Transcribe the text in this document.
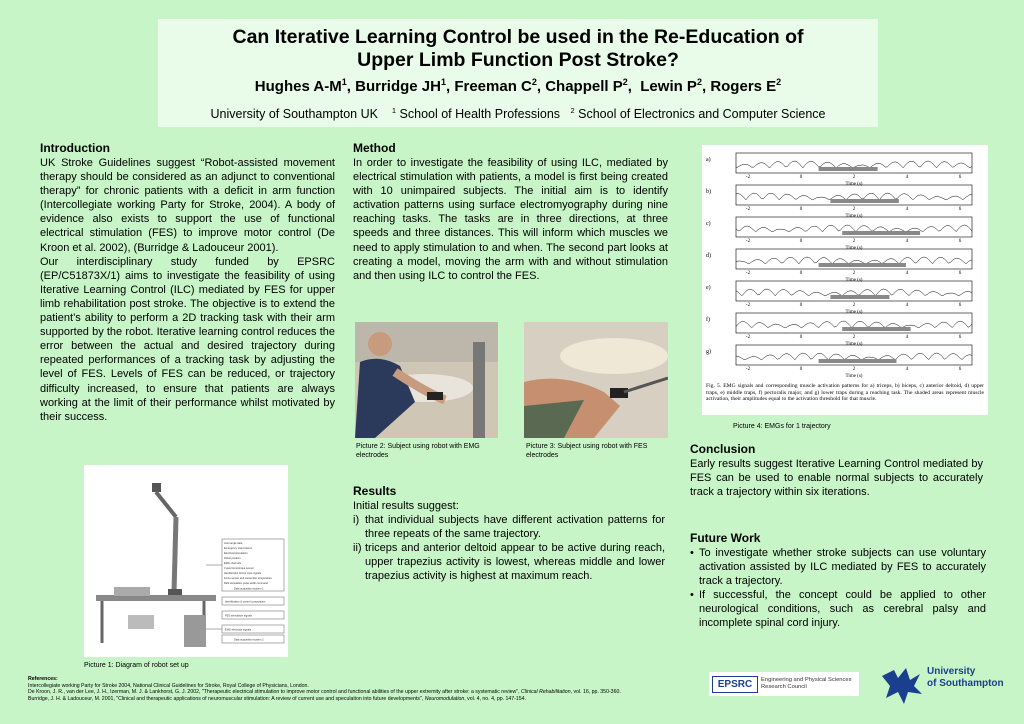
Can Iterative Learning Control be used in the Re-Education of
Upper Limb Function Post Stroke?
Hughes $A-M^1$, Burridge $JH^1$, Freeman $C^2$, Chappell $P^2$,  Lewin $P^2$, Rogers $E^2$
University of Southampton UK $^1$ School of Health Professions $^2$ School of Electronics and Computer Science
Introduction
UK Stroke Guidelines suggest “Robot-assisted movement therapy should be considered as an adjunct to conventional therapy” for chronic patients with a deficit in arm function (Intercollegiate working Party for Stroke, 2004). A body of evidence also exists to support the use of functional electrical stimulation (FES) to improve motor control (De Kroon et al. 2002), (Burridge & Ladouceur 2001).
Our interdisciplinary study funded by EPSRC (EP/C51873X/1) aims to investigate the feasibility of using Iterative Learning Control (ILC) mediated by FES for upper limb rehabilitation post stroke. The objective is to extend the patient’s ability to perform a 2D tracking task with their arm supported by the robot. Iterative learning control reduces the error between the actual and desired trajectory during repeated performances of a tracking task by adjusting the level of FES. Levels of FES can be reduced, or trajectory difficulty increased, to ensure that patients are always working at the limit of their performance whilst motivated by their success.
Joint angle data
Emergency stop buttons
Electrical stimulation
Robot position
EMG channels
3 axis force/torque sensor
Handle/wrist forces input signals
Force sensor and transmitter temperature
FES stimulation pulse width command
Data acquisition system 1
Identification & control computation
FES stimulation signals
EMG electrode signals
Data acquisition system 2
Picture 1: Diagram of robot set up
Method
In order to investigate the feasibility of using ILC, mediated by electrical stimulation with patients, a model is first being created with 10 unimpaired subjects. The initial aim is to identify activation patterns using surface electromyography during nine reaching tasks. The tasks are in three directions, at three speeds and three distances. This will inform which muscles we need to apply stimulation to and when. The second part looks at creating a model, moving the arm with and without stimulation and then using ILC to control the FES.
Picture 2: Subject using robot with EMG electrodes
Picture 3: Subject using robot with FES electrodes
Results
Initial results suggest:
i) that individual subjects have different activation patterns for three repeats of the same trajectory.
ii) triceps and anterior deltoid appear to be active during reach, upper trapezius activity is lowest, whereas middle and lower trapezius activity is highest at maximum reach.
a)
-2	0	2	4	6
Time (s)
b)
-2	0	2	4	6
Time (s)
c)
-2	0	2	4	6
Time (s)
d)
-2	0	2	4	6
Time (s)
e)
-2	0	2	4	6
Time (s)
f)
-2	0	2	4	6
Time (s)
g)
-2	0	2	4	6
Time (s)
Fig. 5. EMG signals and corresponding muscle activation patterns for a) triceps, b) biceps, c) anterior deltoid, d) upper traps, e) middle traps, f) pectoralis major, and g) lower traps during a reaching task. The shaded areas represent muscle activation, their amplitudes equal to the activation threshold for that muscle.
Picture 4: EMGs for 1 trajectory
Conclusion
Early results suggest Iterative Learning Control mediated by FES can be used to enable normal subjects to accurately track a trajectory within six iterations.
Future Work
• To investigate whether stroke subjects can use voluntary activation assisted by ILC mediated by FES to accurately track a trajectory.
• If successful, the concept could be applied to other neurological conditions, such as cerebral palsy and incomplete spinal cord injury.
References:
Intercollegiate working Party for Stroke 2004, National Clinical Guidelines for Stroke, Royal College of Physicians, London.
De Kroon, J. R., van der Lee, J. H., Izerman, M. J. & Lankhorst, G. J. 2002, "Therapeutic electrical stimulation to improve motor control and functional abilities of the upper extremity after stroke: a systematic review", Clinical Rehabilitation, vol. 16, pp. 350-360.
Burridge, J. H. & Ladouceur, M. 2001, "Clinical and therapeutic applications of neuromuscular stimulation: A review of current use and speculation into future developments", Neuromodulation, vol. 4, no. 4, pp. 147-154.
EPSRC	Engineering and Physical Sciences
Research Council
University
of Southampton
